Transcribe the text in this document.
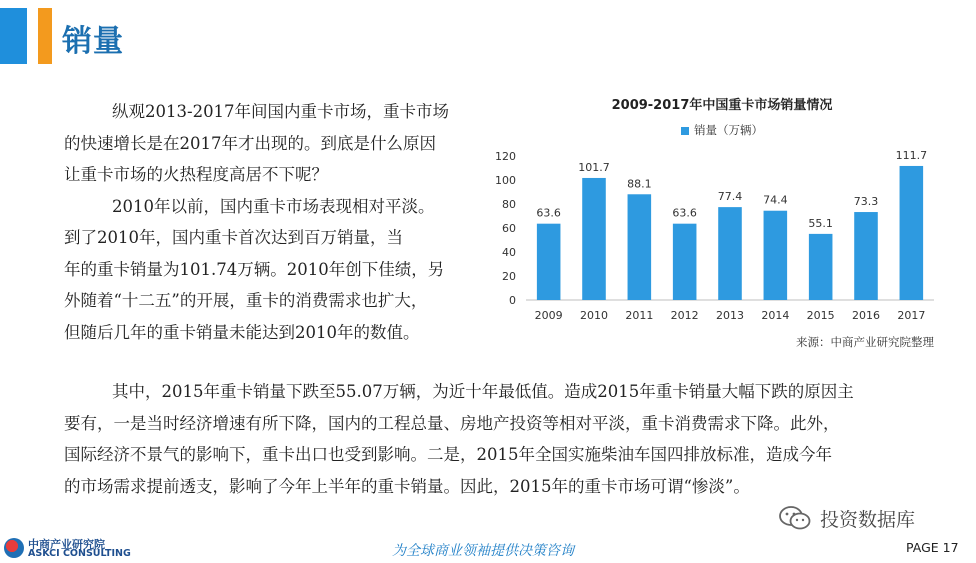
销量
纵观2013-2017年间国内重卡市场，重卡市场
的快速增长是在2017年才出现的。到底是什么原因
让重卡市场的火热程度高居不下呢？
2010年以前，国内重卡市场表现相对平淡。
到了2010年，国内重卡首次达到百万销量，当
年的重卡销量为101.74万辆。2010年创下佳绩，另
外随着“十二五”的开展，重卡的消费需求也扩大，
但随后几年的重卡销量未能达到2010年的数值。
2009-2017年中国重卡市场销量情况
销量（万辆）
0
20
40
60
80
100
120
63.6
2009
101.7
2010
88.1
2011
63.6
2012
77.4
2013
74.4
2014
55.1
2015
73.3
2016
111.7
2017
来源：中商产业研究院整理
其中，2015年重卡销量下跌至55.07万辆，为近十年最低值。造成2015年重卡销量大幅下跌的原因主
要有，一是当时经济增速有所下降，国内的工程总量、房地产投资等相对平淡，重卡消费需求下降。此外，
国际经济不景气的影响下，重卡出口也受到影响。二是，2015年全国实施柴油车国四排放标准，造成今年
的市场需求提前透支，影响了今年上半年的重卡销量。因此，2015年的重卡市场可谓“惨淡”。
中商产业研究院
ASKCI CONSULTING	为全球商业领袖提供决策咨询
投资数据库
PAGE 17
